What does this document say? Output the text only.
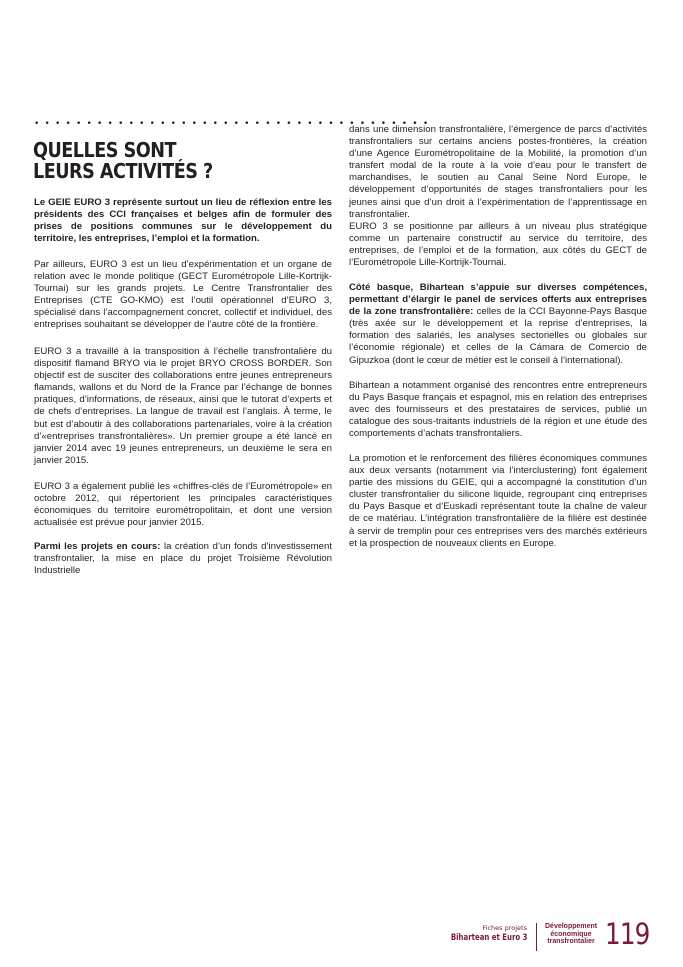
••••••••••••••••••••••••••••••••••••••
QUELLES SONT
LEURS ACTIVITÉS ?

Le GEIE EURO 3 représente surtout un lieu de réflexion entre les présidents des CCI françaises et belges afin de formuler des prises de positions communes sur le développement du territoire, les entreprises, l’emploi et la formation.

Par ailleurs, EURO 3 est un lieu d’expérimentation et un organe de relation avec le monde politique (GECT Eurométropole Lille-Kortrijk-Tournai) sur les grands projets. Le Centre Transfrontalier des Entreprises (CTE GO-KMO) est l’outil opérationnel d’EURO 3, spécialisé dans l’accompagnement concret, collectif et individuel, des entreprises souhaitant se développer de l’autre côté de la frontière.

EURO 3 a travaillé à la transposition à l’échelle transfrontalière du dispositif flamand BRYO via le projet BRYO CROSS BORDER. Son objectif est de susciter des collaborations entre jeunes entrepreneurs flamands, wallons et du Nord de la France par l’échange de bonnes pratiques, d’informations, de réseaux, ainsi que le tutorat d’experts et de chefs d’entreprises. La langue de travail est l’anglais. À terme, le but est d’aboutir à des collaborations partenariales, voire à la création d’«entreprises transfrontalières». Un premier groupe a été lancé en janvier 2014 avec 19 jeunes entrepreneurs, un deuxième le sera en janvier 2015.

EURO 3 a également publié les «chiffres-clés de l’Eurométropole» en octobre 2012, qui répertorient les principales caractéristiques économiques du territoire eurométropolitain, et dont une version actualisée est prévue pour janvier 2015.

Parmi les projets en cours: la création d’un fonds d’investissement transfrontalier, la mise en place du projet Troisième Révolution Industrielle

dans une dimension transfrontalière, l’émergence de parcs d’activités transfrontaliers sur certains anciens postes-frontières, la création d’une Agence Eurométropolitaine de la Mobilité, la promotion d’un transfert modal de la route à la voie d’eau pour le transfert de marchandises, le soutien au Canal Seine Nord Europe, le développement d’opportunités de stages transfrontaliers pour les jeunes ainsi que d’un droit à l’expérimentation de l’apprentissage en transfrontalier.

EURO 3 se positionne par ailleurs à un niveau plus stratégique comme un partenaire constructif au service du territoire, des entreprises, de l’emploi et de la formation, aux côtés du GECT de l’Eurométropole Lille-Kortrijk-Tournai.

Côté basque, Bihartean s’appuie sur diverses compétences, permettant d’élargir le panel de services offerts aux entreprises de la zone transfrontalière: celles de la CCI Bayonne-Pays Basque (très axée sur le développement et la reprise d’entreprises, la formation des salariés, les analyses sectorielles ou globales sur l’économie régionale) et celles de la Cámara de Comercio de Gipuzkoa (dont le cœur de métier est le conseil à l’international).

Bihartean a notamment organisé des rencontres entre entrepreneurs du Pays Basque français et espagnol, mis en relation des entreprises avec des fournisseurs et des prestataires de services, publié un catalogue des sous-traitants industriels de la région et une étude des comportements d’achats transfrontaliers.

La promotion et le renforcement des filières économiques communes aux deux versants (notamment via l’interclustering) font également partie des missions du GEIE, qui a accompagné la constitution d’un cluster transfrontalier du silicone liquide, regroupant cinq entreprises du Pays Basque et d’Euskadi représentant toute la chaîne de valeur de ce matériau. L’intégration transfrontalière de la filière est destinée à servir de tremplin pour ces entreprises vers des marchés extérieurs et la prospection de nouveaux clients en Europe.

Fiches projets
Bihartean et Euro 3
Développement
économique
transfrontalier 119
